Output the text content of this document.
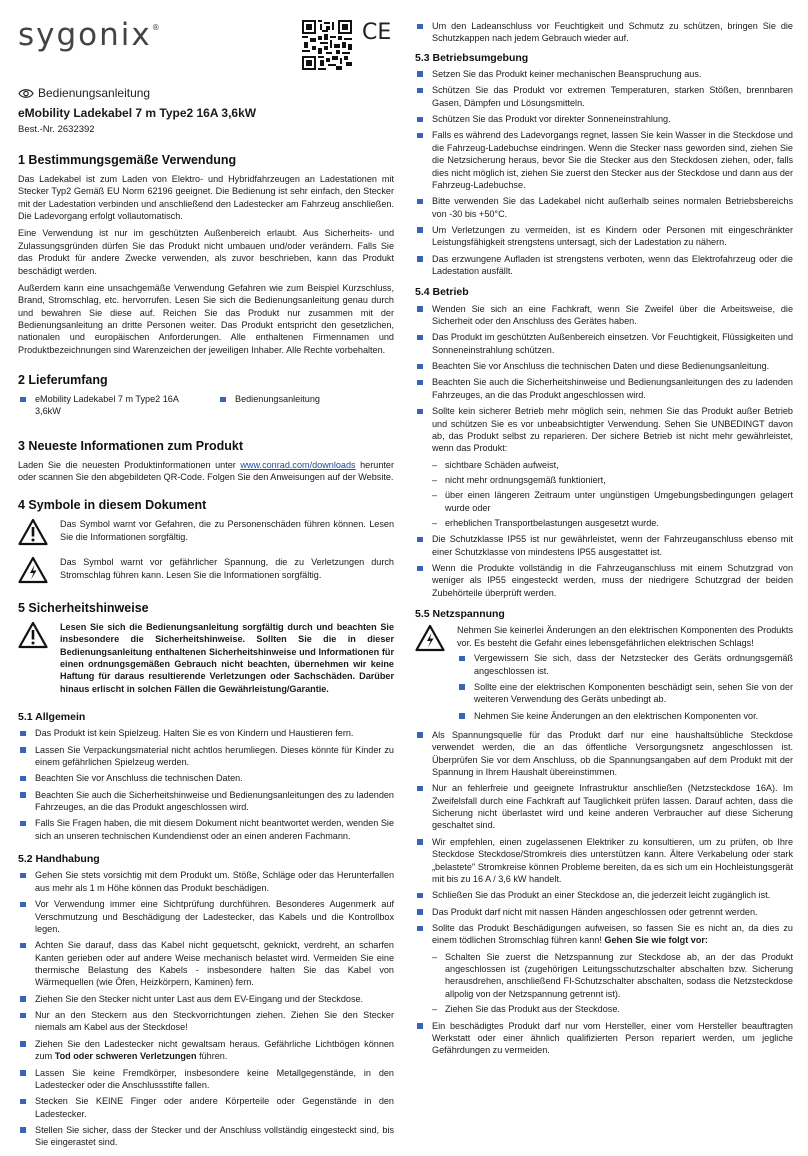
sygonix®	CE
Bedienungsanleitung
eMobility Ladekabel 7 m Type2 16A 3,6kW
Best.-Nr. 2632392
1 Bestimmungsgemäße Verwendung

Das Ladekabel ist zum Laden von Elektro- und Hybridfahrzeugen an Ladestationen mit Stecker Typ2 Gemäß EU Norm 62196 geeignet. Die Bedienung ist sehr einfach, den Stecker mit der Ladestation verbinden und anschließend den Ladestecker am Fahrzeug anschließen. Die Ladevorgang erfolgt vollautomatisch.

Eine Verwendung ist nur im geschützten Außenbereich erlaubt. Aus Sicherheits- und Zulassungsgründen dürfen Sie das Produkt nicht umbauen und/oder verändern. Falls Sie das Produkt für andere Zwecke verwenden, als zuvor beschrieben, kann das Produkt beschädigt werden.

Außerdem kann eine unsachgemäße Verwendung Gefahren wie zum Beispiel Kurzschluss, Brand, Stromschlag, etc. hervorrufen. Lesen Sie sich die Bedienungsanleitung genau durch und bewahren Sie diese auf. Reichen Sie das Produkt nur zusammen mit der Bedienungsanleitung an dritte Personen weiter. Das Produkt entspricht den gesetzlichen, nationalen und europäischen Anforderungen. Alle enthaltenen Firmennamen und Produktbezeichnungen sind Warenzeichen der jeweiligen Inhaber. Alle Rechte vorbehalten.

2 Lieferumfang
eMobility Ladekabel 7 m Type2 16A 3,6kW
Bedienungsanleitung
3 Neueste Informationen zum Produkt

Laden Sie die neuesten Produktinformationen unter www.conrad.com/downloads herunter oder scannen Sie den abgebildeten QR-Code. Folgen Sie den Anweisungen auf der Website.

4 Symbole in diesem Dokument

Das Symbol warnt vor Gefahren, die zu Personenschäden führen können. Lesen Sie die Informationen sorgfältig.

Das Symbol warnt vor gefährlicher Spannung, die zu Verletzungen durch Stromschlag führen kann. Lesen Sie die Informationen sorgfältig.

5 Sicherheitshinweise

Lesen Sie sich die Bedienungsanleitung sorgfältig durch und beachten Sie insbesondere die Sicherheitshinweise. Sollten Sie die in dieser Bedienungsanleitung enthaltenen Sicherheitshinweise und Informationen für einen ordnungsgemäßen Gebrauch nicht beachten, übernehmen wir keine Haftung für daraus resultierende Verletzungen oder Sachschäden. Darüber hinaus erlischt in solchen Fällen die Gewährleistung/Garantie.

5.1 Allgemein
Das Produkt ist kein Spielzeug. Halten Sie es von Kindern und Haustieren fern.
Lassen Sie Verpackungsmaterial nicht achtlos herumliegen. Dieses könnte für Kinder zu einem gefährlichen Spielzeug werden.
Beachten Sie vor Anschluss die technischen Daten.
Beachten Sie auch die Sicherheitshinweise und Bedienungsanleitungen des zu ladenden Fahrzeuges, an die das Produkt angeschlossen wird.
Falls Sie Fragen haben, die mit diesem Dokument nicht beantwortet werden, wenden Sie sich an unseren technischen Kundendienst oder an einen anderen Fachmann.
5.2 Handhabung
Gehen Sie stets vorsichtig mit dem Produkt um. Stöße, Schläge oder das Herunterfallen aus mehr als 1 m Höhe können das Produkt beschädigen.
Vor Verwendung immer eine Sichtprüfung durchführen. Besonderes Augenmerk auf Verschmutzung und Beschädigung der Ladestecker, das Kabels und die Kontrollbox legen.
Achten Sie darauf, dass das Kabel nicht gequetscht, geknickt, verdreht, an scharfen Kanten gerieben oder auf andere Weise mechanisch belastet wird. Vermeiden Sie eine thermische Belastung des Kabels - insbesondere halten Sie das Kabel von Wärmequellen (wie Öfen, Heizkörpern, Kaminen) fern.
Ziehen Sie den Stecker nicht unter Last aus dem EV-Eingang und der Steckdose.
Nur an den Steckern aus den Steckvorrichtungen ziehen. Ziehen Sie den Stecker niemals am Kabel aus der Steckdose!
Ziehen Sie den Ladestecker nicht gewaltsam heraus. Gefährliche Lichtbögen können zum Tod oder schweren Verletzungen führen.
Lassen Sie keine Fremdkörper, insbesondere keine Metallgegenstände, in den Ladestecker oder die Anschlussstifte fallen.
Stecken Sie KEINE Finger oder andere Körperteile oder Gegenstände in den Ladestecker.
Stellen Sie sicher, dass der Stecker und der Anschluss vollständig eingesteckt sind, bis Sie eingerastet sind.
Um den Ladeanschluss vor Feuchtigkeit und Schmutz zu schützen, bringen Sie die Schutzkappen nach jedem Gebrauch wieder auf.
5.3 Betriebsumgebung
Setzen Sie das Produkt keiner mechanischen Beanspruchung aus.
Schützen Sie das Produkt vor extremen Temperaturen, starken Stößen, brennbaren Gasen, Dämpfen und Lösungsmitteln.
Schützen Sie das Produkt vor direkter Sonneneinstrahlung.
Falls es während des Ladevorgangs regnet, lassen Sie kein Wasser in die Steckdose und die Fahrzeug-Ladebuchse eindringen. Wenn die Stecker nass geworden sind, ziehen Sie die Netzsicherung heraus, bevor Sie die Stecker aus den Steckdosen ziehen, oder, falls dies nicht möglich ist, ziehen Sie zuerst den Stecker aus der Steckdose und dann aus der Fahrzeug-Ladebuchse.
Bitte verwenden Sie das Ladekabel nicht außerhalb seines normalen Betriebsbereichs von -30 bis +50°C.
Um Verletzungen zu vermeiden, ist es Kindern oder Personen mit eingeschränkter Leistungsfähigkeit strengstens untersagt, sich der Ladestation zu nähern.
Das erzwungene Aufladen ist strengstens verboten, wenn das Elektrofahrzeug oder die Ladestation ausfällt.
5.4 Betrieb
Wenden Sie sich an eine Fachkraft, wenn Sie Zweifel über die Arbeitsweise, die Sicherheit oder den Anschluss des Gerätes haben.
Das Produkt im geschützten Außenbereich einsetzen. Vor Feuchtigkeit, Flüssigkeiten und Sonneneinstrahlung schützen.
Beachten Sie vor Anschluss die technischen Daten und diese Bedienungsanleitung.
Beachten Sie auch die Sicherheitshinweise und Bedienungsanleitungen des zu ladenden Fahrzeuges, an die das Produkt angeschlossen wird.
Sollte kein sicherer Betrieb mehr möglich sein, nehmen Sie das Produkt außer Betrieb und schützen Sie es vor unbeabsichtigter Verwendung. Sehen Sie UNBEDINGT davon ab, das Produkt selbst zu reparieren. Der sichere Betrieb ist nicht mehr gewährleistet, wenn das Produkt:
– sichtbare Schäden aufweist,
– nicht mehr ordnungsgemäß funktioniert,
– über einen längeren Zeitraum unter ungünstigen Umgebungsbedingungen gelagert wurde oder
– erheblichen Transportbelastungen ausgesetzt wurde.
Die Schutzklasse IP55 ist nur gewährleistet, wenn der Fahrzeuganschluss ebenso mit einer Schutzklasse von mindestens IP55 ausgestattet ist.
Wenn die Produkte vollständig in die Fahrzeuganschluss mit einem Schutzgrad von weniger als IP55 eingesteckt werden, muss der niedrigere Schutzgrad der beiden Zubehörteile überprüft werden.
5.5 Netzspannung

Nehmen Sie keinerlei Änderungen an den elektrischen Komponenten des Produkts vor. Es besteht die Gefahr eines lebensgefährlichen elektrischen Schlags!

Vergewissern Sie sich, dass der Netzstecker des Geräts ordnungsgemäß angeschlossen ist.
Sollte eine der elektrischen Komponenten beschädigt sein, sehen Sie von der weiteren Verwendung des Geräts unbedingt ab.
Nehmen Sie keine Änderungen an den elektrischen Komponenten vor.
Als Spannungsquelle für das Produkt darf nur eine haushaltsübliche Steckdose verwendet werden, die an das öffentliche Versorgungsnetz angeschlossen ist. Überprüfen Sie vor dem Anschluss, ob die Spannungsangaben auf dem Produkt mit der Spannung in Ihrem Haushalt übereinstimmen.
Nur an fehlerfreie und geeignete Infrastruktur anschließen (Netzsteckdose 16A). Im Zweifelsfall durch eine Fachkraft auf Tauglichkeit prüfen lassen. Darauf achten, dass die Sicherung nicht überlastet wird und keine anderen Verbraucher auf diese Sicherung geschaltet sind.
Wir empfehlen, einen zugelassenen Elektriker zu konsultieren, um zu prüfen, ob Ihre Steckdose Steckdose/Stromkreis dies unterstützen kann. Ältere Verkabelung oder stark „belastete" Stromkreise können Probleme bereiten, da es sich um ein Hochleistungsgerät mit bis zu 16 A / 3,6 kW handelt.
Schließen Sie das Produkt an einer Steckdose an, die jederzeit leicht zugänglich ist.
Das Produkt darf nicht mit nassen Händen angeschlossen oder getrennt werden.
Sollte das Produkt Beschädigungen aufweisen, so fassen Sie es nicht an, da dies zu einem tödlichen Stromschlag führen kann! Gehen Sie wie folgt vor:
– Schalten Sie zuerst die Netzspannung zur Steckdose ab, an der das Produkt angeschlossen ist (zugehörigen Leitungsschutzschalter abschalten bzw. Sicherung herausdrehen, anschließend FI-Schutzschalter abschalten, sodass die Netzsteckdose allpolig von der Netzspannung getrennt ist).
– Ziehen Sie das Produkt aus der Steckdose.
Ein beschädigtes Produkt darf nur vom Hersteller, einer vom Hersteller beauftragten Werkstatt oder einer ähnlich qualifizierten Person repariert werden, um jegliche Gefährdungen zu vermeiden.
